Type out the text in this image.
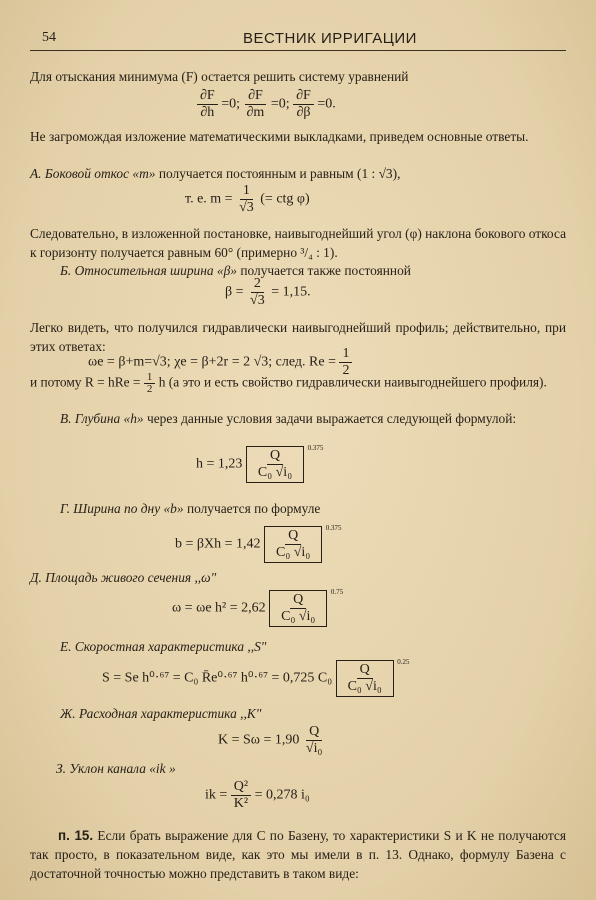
54	ВЕСТНИК ИРРИГАЦИИ
Для отыскания минимума (F) остается решить систему уравнений
$\frac{\partial F}{\partial h} =0$; $\frac{\partial F}{\partial m} =0$; $\frac{\partial F}{\partial\beta} =0$.
Не загромождая изложение математическими выкладками, приведем основные ответы.
A. Боковой откос «m» получается постоянным и равным (1 : √3),
т. е. $m = \frac{1}{√3}$ (= ctg φ)
Следовательно, в изложенной постановке, наивыгоднейший угол (φ) наклона бокового откоса к горизонту получается равным 60° (примерно ³/₄ : 1).
Б. Относительная ширина «β» получается также постоянной
$\beta = \frac{2}{√3} = 1,15$.
Легко видеть, что получился гидравлически наивыгоднейший профиль; действительно, при этих ответах:
ωe = β+m=√3; χe = β+2r = 2 √3; след. $Re = \frac{1}{2}$
и потому R = hRe = $\frac{1}{2}$ h (а это и есть свойство гидравлически наивыгоднейшего профиля).
B. Глубина «h» через данные условия задачи выражается следующей формулой:
$h = 1,23 \frac{Q}{\text{C₀ √i₀}} ^{0.375}$
Г. Ширина по дну «b» получается по формуле
$b = \beta Xh = 1,42 \frac{Q}{\text{C₀ √i₀}} ^{0.375}$
Д. Площадь живого сечения ,,ω"
ω = ωe $h^2 = 2,62 \frac{Q}{\text{C₀ √i₀}} ^{0.75}$
Е. Скоростная характеристика ,,S"
S = Se h⁰·⁶⁷ = C₀ R̄e⁰·⁶⁷ h⁰·⁶⁷ = 0,725 $C_0 \frac{Q}{\text{C₀ √i₀}} ^{0.25}$
Ж. Расходная характеристика ,,K"
$K = S\omega = 1,90 \frac{Q}{\text{√i₀}}$
З. Уклон канала «ik »
ik = $\frac{\text{Q²}}{\text{K²}} = 0,278$ i₀
п. 15. Если брать выражение для C по Базену, то характеристики S и K не получаются так просто, в показательном виде, как это мы имели в п. 13. Однако, формулу Базена с достаточной точностью можно представить в таком виде:
